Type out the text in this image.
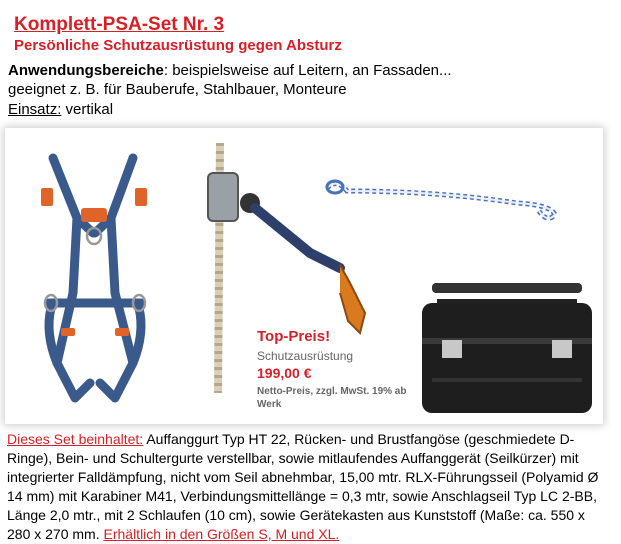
Komplett-PSA-Set Nr. 3
Persönliche Schutzausrüstung gegen Absturz
Anwendungsbereiche: beispielsweise auf Leitern, an Fassaden...
geeignet z. B. für Bauberufe, Stahlbauer, Monteure
Einsatz: vertikal
Top-Preis!
Schutzausrüstung
199,00 €
Netto-Preis, zzgl. MwSt. 19% ab Werk

Dieses Set beinhaltet: Auffanggurt Typ HT 22, Rücken- und Brustfangöse (geschmiedete D-Ringe), Bein- und Schultergurte verstellbar, sowie mitlaufendes Auffanggerät (Seilkürzer) mit integrierter Falldämpfung, nicht vom Seil abnehmbar, 15,00 mtr. RLX-Führungsseil (Polyamid Ø 14 mm) mit Karabiner M41, Verbindungsmittellänge = 0,3 mtr, sowie Anschlagseil Typ LC 2-BB, Länge 2,0 mtr., mit 2 Schlaufen (10 cm), sowie Gerätekasten aus Kunststoff (Maße: ca. 550 x 280 x 270 mm. Erhältlich in den Größen S, M und XL.
